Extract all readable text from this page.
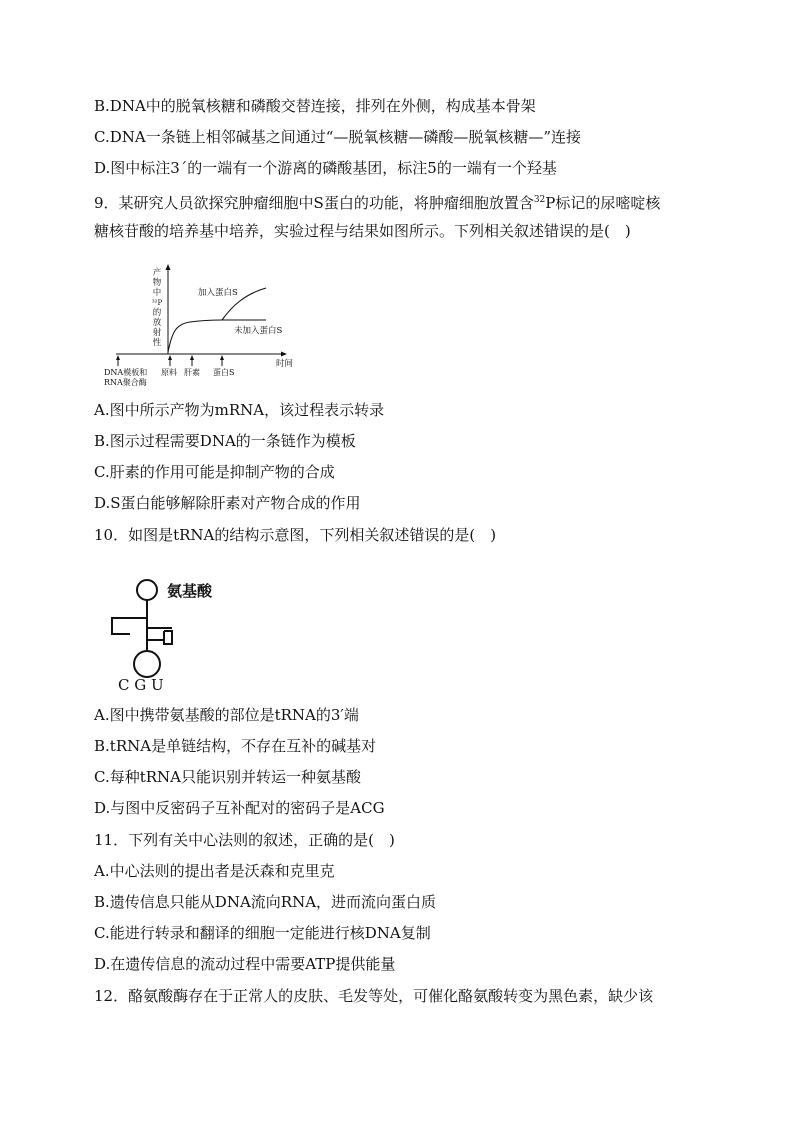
B.DNA中的脱氧核糖和磷酸交替连接，排列在外侧，构成基本骨架
C.DNA一条链上相邻碱基之间通过“—脱氧核糖—磷酸—脱氧核糖—”连接
D.图中标注3´的一端有一个游离的磷酸基团，标注5的一端有一个羟基
9．某研究人员欲探究肿瘤细胞中S蛋白的功能，将肿瘤细胞放置含$^{32}$P标记的尿嘧啶核
糖核苷酸的培养基中培养，实验过程与结果如图所示。下列相关叙述错误的是(　)
产
物
中
³²P
的
放
射
性
时间
加入蛋白S
未加入蛋白S
DNA模板和
RNA聚合酶
原料 肝素 蛋白S
A.图中所示产物为mRNA，该过程表示转录
B.图示过程需要DNA的一条链作为模板
C.肝素的作用可能是抑制产物的合成
D.S蛋白能够解除肝素对产物合成的作用
10．如图是tRNA的结构示意图，下列相关叙述错误的是(　)
氨基酸
C G U
A.图中携带氨基酸的部位是tRNA的3′端
B.tRNA是单链结构，不存在互补的碱基对
C.每种tRNA只能识别并转运一种氨基酸
D.与图中反密码子互补配对的密码子是ACG
11．下列有关中心法则的叙述，正确的是(　)
A.中心法则的提出者是沃森和克里克
B.遗传信息只能从DNA流向RNA，进而流向蛋白质
C.能进行转录和翻译的细胞一定能进行核DNA复制
D.在遗传信息的流动过程中需要ATP提供能量
12．酪氨酸酶存在于正常人的皮肤、毛发等处，可催化酪氨酸转变为黑色素，缺少该
